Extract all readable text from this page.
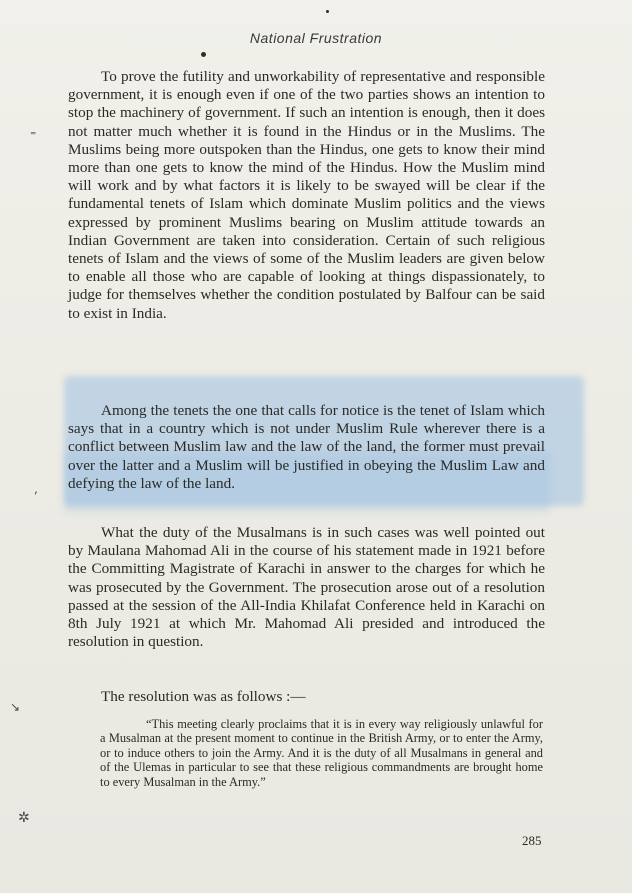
National Frustration
⁼
,
↘
✲

To prove the futility and unworkability of representative and responsible government, it is enough even if one of the two parties shows an intention to stop the machinery of government. If such an intention is enough, then it does not matter much whether it is found in the Hindus or in the Muslims. The Muslims being more outspoken than the Hindus, one gets to know their mind more than one gets to know the mind of the Hindus. How the Muslim mind will work and by what factors it is likely to be swayed will be clear if the fundamental tenets of Islam which dominate Muslim politics and the views expressed by prominent Muslims bearing on Muslim attitude towards an Indian Government are taken into consideration. Certain of such religious tenets of Islam and the views of some of the Muslim leaders are given below to enable all those who are capable of looking at things dispassionately, to judge for themselves whether the condition postulated by Balfour can be said to exist in India.

Among the tenets the one that calls for notice is the tenet of Islam which says that in a country which is not under Muslim Rule wherever there is a conflict between Muslim law and the law of the land, the former must prevail over the latter and a Muslim will be justified in obeying the Muslim Law and defying the law of the land.

What the duty of the Musalmans is in such cases was well pointed out by Maulana Mahomad Ali in the course of his statement made in 1921 before the Committing Magistrate of Karachi in answer to the charges for which he was prosecuted by the Government. The prosecution arose out of a resolution passed at the session of the All-India Khilafat Conference held in Karachi on 8th July 1921 at which Mr. Mahomad Ali presided and introduced the resolution in question.

The resolution was as follows :—

“This meeting clearly proclaims that it is in every way religiously unlawful for a Musalman at the present moment to continue in the British Army, or to enter the Army, or to induce others to join the Army. And it is the duty of all Musalmans in general and of the Ulemas in particular to see that these religious commandments are brought home to every Musalman in the Army.”

285
